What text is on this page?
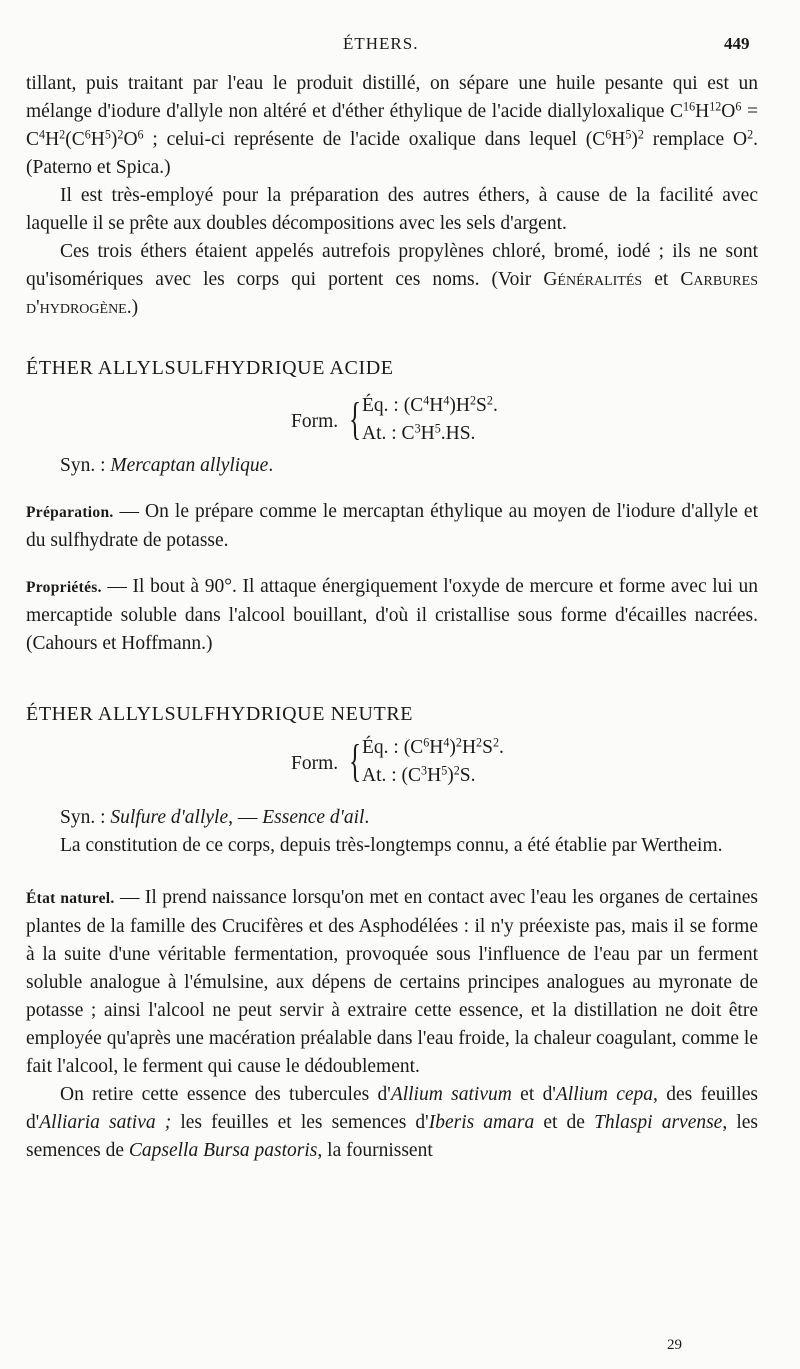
ÉTHERS.	449

tillant, puis traitant par l'eau le produit distillé, on sépare une huile pesante qui est un mélange d'iodure d'allyle non altéré et d'éther éthylique de l'acide diallyloxalique $C^{16}H^{12}O^6 = C^4H^2(C^6H^5)^2O^6$ ; celui-ci représente de l'acide oxalique dans lequel $(C^6H^5)^2$ remplace $O^2$. (Paterno et Spica.)

Il est très-employé pour la préparation des autres éthers, à cause de la facilité avec laquelle il se prête aux doubles décompositions avec les sels d'argent.

Ces trois éthers étaient appelés autrefois propylènes chloré, bromé, iodé ; ils ne sont qu'isomériques avec les corps qui portent ces noms. (Voir Généralités et Carbures d'hydrogène.)

ÉTHER ALLYLSULFHYDRIQUE ACIDE

Form. { Éq. : $(C^4H^4)H^2S^2$.
At. : $C^3H^5.HS$.

Syn. : Mercaptan allylique.

Préparation. — On le prépare comme le mercaptan éthylique au moyen de l'iodure d'allyle et du sulfhydrate de potasse.

Propriétés. — Il bout à 90°. Il attaque énergiquement l'oxyde de mercure et forme avec lui un mercaptide soluble dans l'alcool bouillant, d'où il cristallise sous forme d'écailles nacrées. (Cahours et Hoffmann.)

ÉTHER ALLYLSULFHYDRIQUE NEUTRE

Form. { Éq. : $(C^6H^4)^2H^2S^2$.
At. : $(C^3H^5)^2S$.

Syn. : Sulfure d'allyle, — Essence d'ail.

La constitution de ce corps, depuis très-longtemps connu, a été établie par Wertheim.

État naturel. — Il prend naissance lorsqu'on met en contact avec l'eau les organes de certaines plantes de la famille des Crucifères et des Asphodélées : il n'y préexiste pas, mais il se forme à la suite d'une véritable fermentation, provoquée sous l'influence de l'eau par un ferment soluble analogue à l'émulsine, aux dépens de certains principes analogues au myronate de potasse ; ainsi l'alcool ne peut servir à extraire cette essence, et la distillation ne doit être employée qu'après une macération préalable dans l'eau froide, la chaleur coagulant, comme le fait l'alcool, le ferment qui cause le dédoublement.

On retire cette essence des tubercules d'Allium sativum et d'Allium cepa, des feuilles d'Alliaria sativa ; les feuilles et les semences d'Iberis amara et de Thlaspi arvense, les semences de Capsella Bursa pastoris, la fournissent

29
